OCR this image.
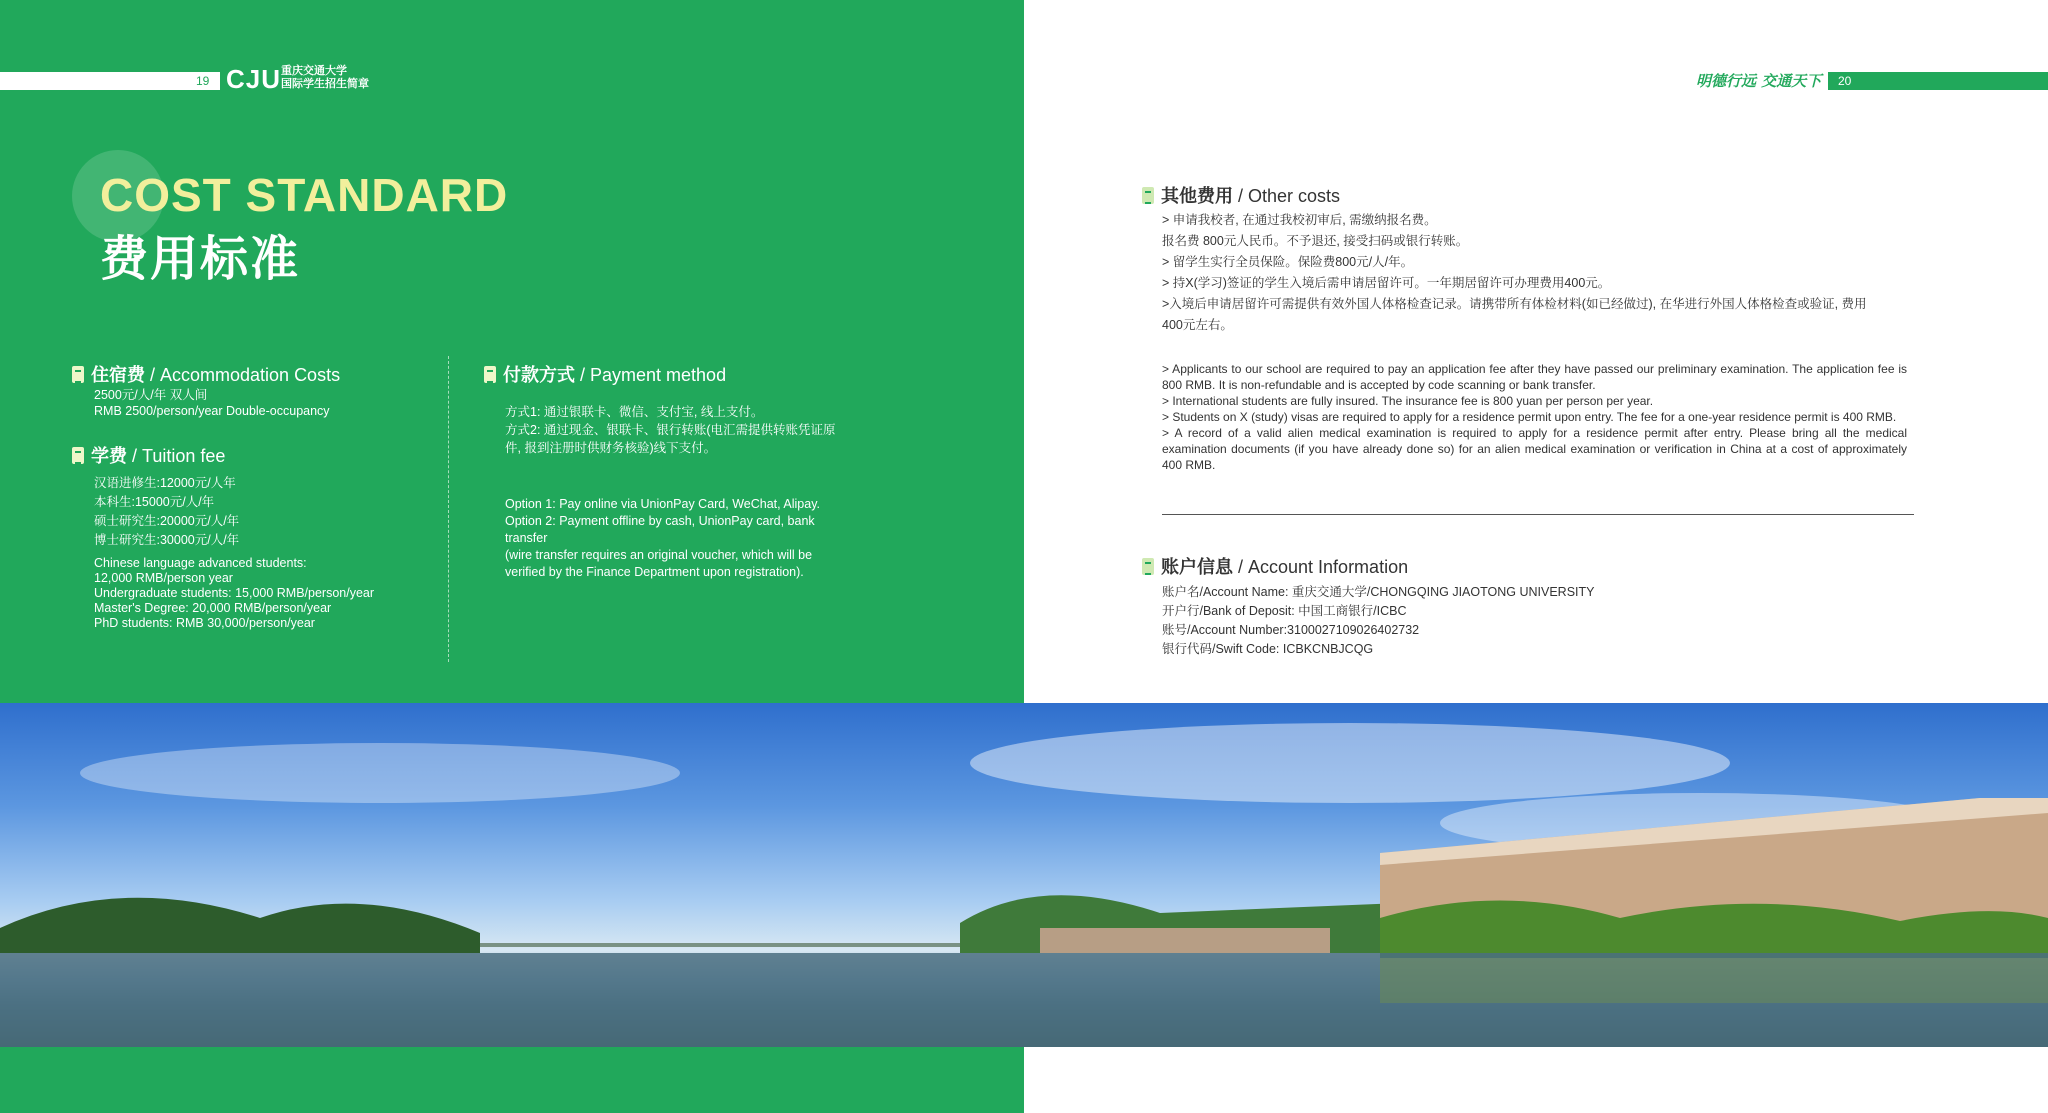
19 CJU 重庆交通大学
国际学生招生简章	明德行远 交通天下 20
COST STANDARD
费用标准
住宿费 / Accommodation Costs
2500元/人/年 双人间
RMB 2500/person/year Double-occupancy
学费 / Tuition fee
汉语进修生:12000元/人年
本科生:15000元/人/年
硕士研究生:20000元/人/年
博士研究生:30000元/人/年
Chinese language advanced students:
12,000 RMB/person year
Undergraduate students: 15,000 RMB/person/year
Master's Degree: 20,000 RMB/person/year
PhD students: RMB 30,000/person/year
付款方式 / Payment method
方式1: 通过银联卡、微信、支付宝, 线上支付。
方式2: 通过现金、银联卡、银行转账(电汇需提供转账凭证原
件, 报到注册时供财务核验)线下支付。

Option 1: Pay online via UnionPay Card, WeChat, Alipay.

Option 2: Payment offline by cash, UnionPay card, bank transfer

(wire transfer requires an original voucher, which will be verified by the Finance Department upon registration).

其他费用 / Other costs
> 申请我校者, 在通过我校初审后, 需缴纳报名费。
报名费 800元人民币。不予退还, 接受扫码或银行转账。
> 留学生实行全员保险。保险费800元/人/年。
> 持X(学习)签证的学生入境后需申请居留许可。一年期居留许可办理费用400元。
>入境后申请居留许可需提供有效外国人体格检查记录。请携带所有体检材料(如已经做过), 在华进行外国人体格检查或验证, 费用
400元左右。

> Applicants to our school are required to pay an application fee after they have passed our preliminary examination. The application fee is 800 RMB. It is non-refundable and is accepted by code scanning or bank transfer.

> International students are fully insured. The insurance fee is 800 yuan per person per year.

> Students on X (study) visas are required to apply for a residence permit upon entry. The fee for a one-year residence permit is 400 RMB.

> A record of a valid alien medical examination is required to apply for a residence permit after entry. Please bring all the medical examination documents (if you have already done so) for an alien medical examination or verification in China at a cost of approximately 400 RMB.

账户信息 / Account Information
账户名/Account Name: 重庆交通大学/CHONGQING JIAOTONG UNIVERSITY
开户行/Bank of Deposit: 中国工商银行/ICBC
账号/Account Number:3100027109026402732
银行代码/Swift Code: ICBKCNBJCQG
